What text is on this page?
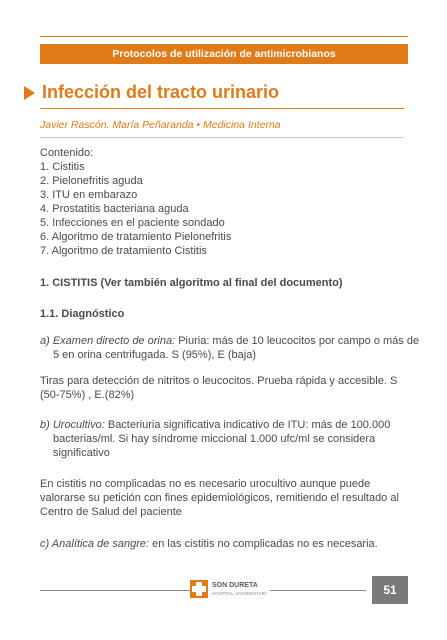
Protocolos de utilización de antimicrobianos
Infección del tracto urinario
Javier Rascón. María Peñaranda • Medicina Interna
Contenido:
1. Cistitis
2. Pielonefritis aguda
3. ITU en embarazo
4. Prostatitis bacteriana aguda
5. Infecciones en el paciente sondado
6. Algoritmo de tratamiento Pielonefritis
7. Algoritmo de tratamiento Cistitis
1. CISTITIS (Ver también algoritmo al final del documento)
1.1. Diagnóstico
a) Examen directo de orina: Piuria: más de 10 leucocitos por campo o más de 5 en orina centrifugada. S (95%), E (baja)
Tiras para detección de nitritos o leucocitos. Prueba rápida y accesible. S (50-75%) , E.(82%)
b) Urocultivo: Bacteriuria significativa indicativo de ITU: más de 100.000 bacterias/ml. Si hay síndrome miccional 1.000 ufc/ml se considera significativo
En cistitis no complicadas no es necesario urocultivo aunque puede valorarse su petición con fines epidemiológicos, remitiendo el resultado al Centro de Salud del paciente
c) Analítica de sangre: en las cistitis no complicadas no es necesaria.
SON DURETA
HOSPITAL UNIVERSITARI	51
